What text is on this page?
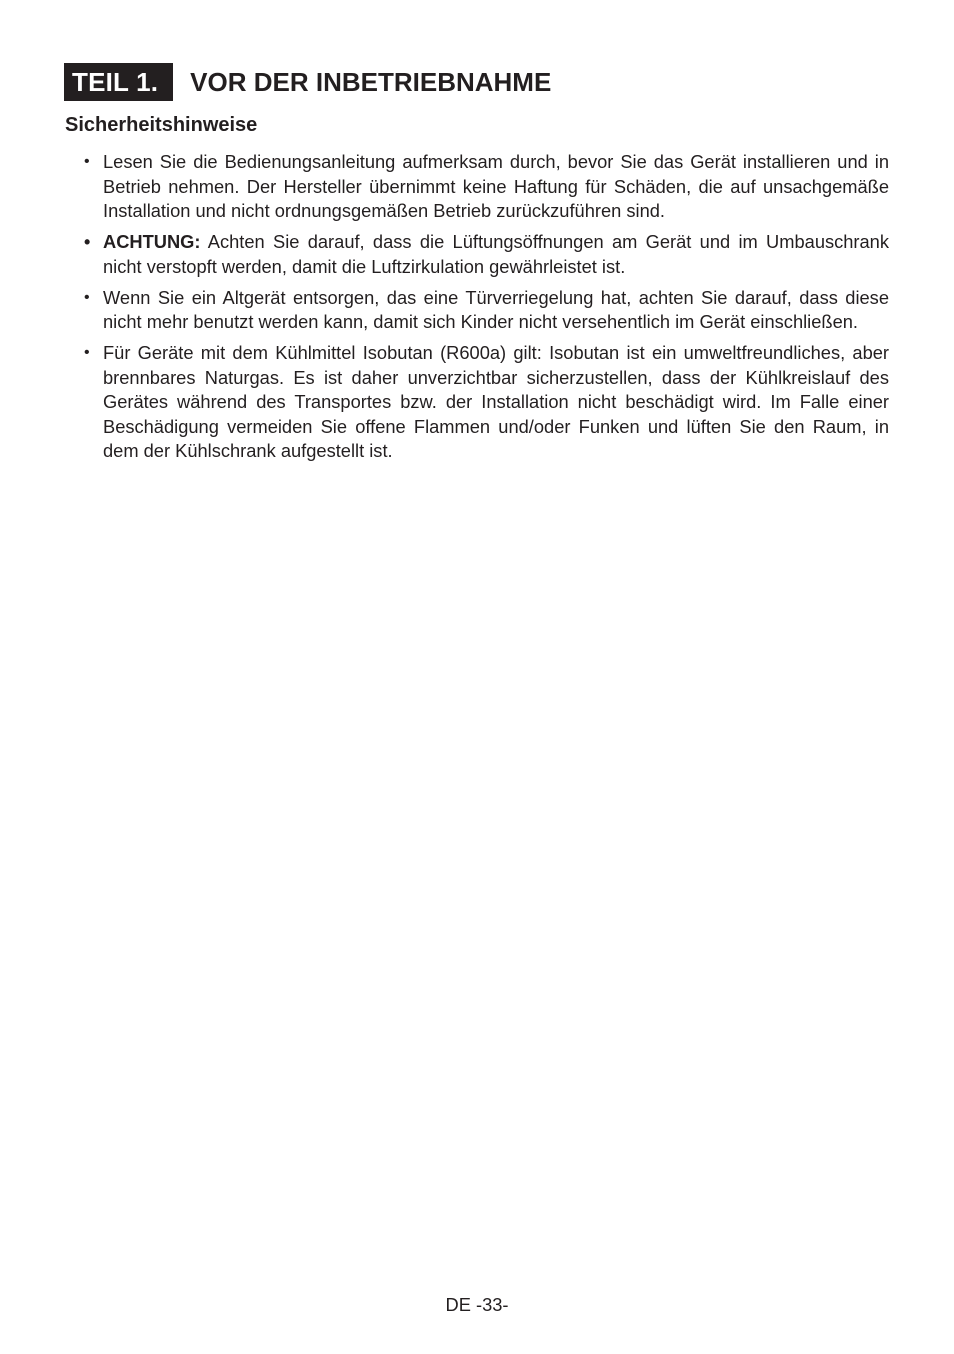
TEIL 1.	VOR DER INBETRIEBNAHME
Sicherheitshinweise
• Lesen Sie die Bedienungsanleitung aufmerksam durch, bevor Sie das Gerät installieren und in Betrieb nehmen. Der Hersteller übernimmt keine Haftung für Schäden, die auf unsachgemäße Installation und nicht ordnungsgemäßen Betrieb zurückzuführen sind.
• ACHTUNG: Achten Sie darauf, dass die Lüftungsöffnungen am Gerät und im Umbauschrank nicht verstopft werden, damit die Luftzirkulation gewährleistet ist.
• Wenn Sie ein Altgerät entsorgen, das eine Türverriegelung hat, achten Sie darauf, dass diese nicht mehr benutzt werden kann, damit sich Kinder nicht versehentlich im Gerät einschließen.
• Für Geräte mit dem Kühlmittel Isobutan (R600a) gilt: Isobutan ist ein umweltfreundliches, aber brennbares Naturgas. Es ist daher unverzichtbar sicherzustellen, dass der Kühlkreislauf des Gerätes während des Transportes bzw. der Installation nicht beschädigt wird. Im Falle einer Beschädigung vermeiden Sie offene Flammen und/oder Funken und lüften Sie den Raum, in dem der Kühlschrank aufgestellt ist.
DE -33-
